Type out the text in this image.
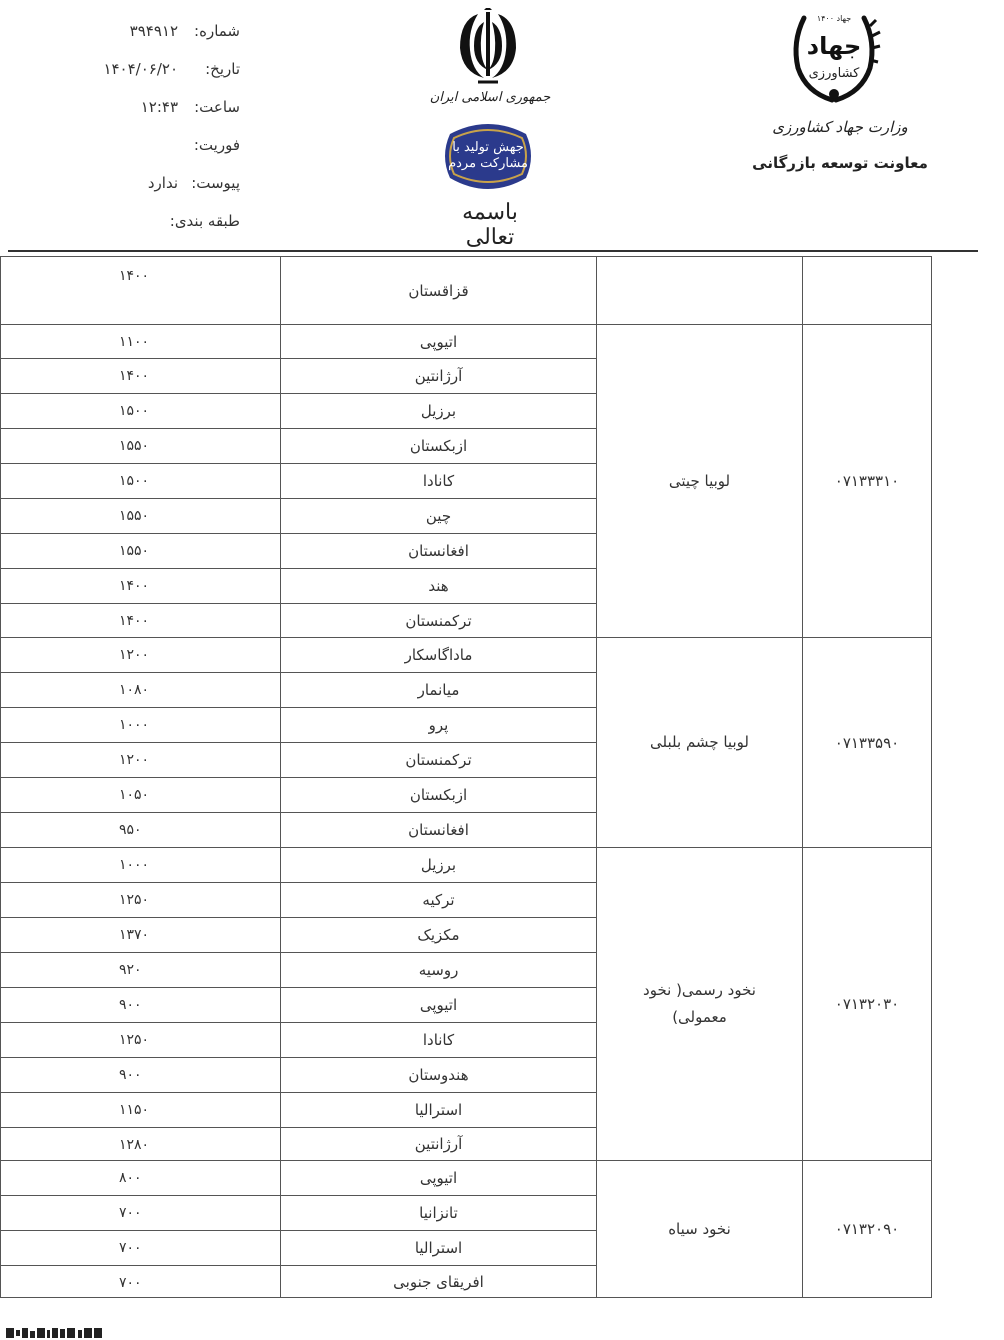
شماره:
۳۹۴۹۱۲
تاریخ:
۱۴۰۴/۰۶/۲۰
ساعت:
۱۲:۴۳
فوریت:
پیوست:
ندارد
طبقه بندی:
جمهوری اسلامی ایران
جهش تولید با مشارکت مردم
باسمه تعالی
جهاد ۱۴۰۰
جهاد
کشاورزی
وزارت جهاد کشاورزی
معاونت توسعه بازرگانی
قزاقستان
۱۴۰۰
۰۷۱۳۳۳۱۰
لوبیا چیتی
اتیوپی
۱۱۰۰
آرژانتین
۱۴۰۰
برزیل
۱۵۰۰
ازبکستان
۱۵۵۰
کانادا
۱۵۰۰
چین
۱۵۵۰
افغانستان
۱۵۵۰
هند
۱۴۰۰
ترکمنستان
۱۴۰۰
۰۷۱۳۳۵۹۰
لوبیا چشم بلبلی
ماداگاسکار
۱۲۰۰
میانمار
۱۰۸۰
پرو
۱۰۰۰
ترکمنستان
۱۲۰۰
ازبکستان
۱۰۵۰
افغانستان
۹۵۰
۰۷۱۳۲۰۳۰
نخود رسمی( نخود معمولی)
برزیل
۱۰۰۰
ترکیه
۱۲۵۰
مکزیک
۱۳۷۰
روسیه
۹۲۰
اتیوپی
۹۰۰
کانادا
۱۲۵۰
هندوستان
۹۰۰
استرالیا
۱۱۵۰
آرژانتین
۱۲۸۰
۰۷۱۳۲۰۹۰
نخود سیاه
اتیوپی
۸۰۰
تانزانیا
۷۰۰
استرالیا
۷۰۰
افریقای جنوبی
۷۰۰
